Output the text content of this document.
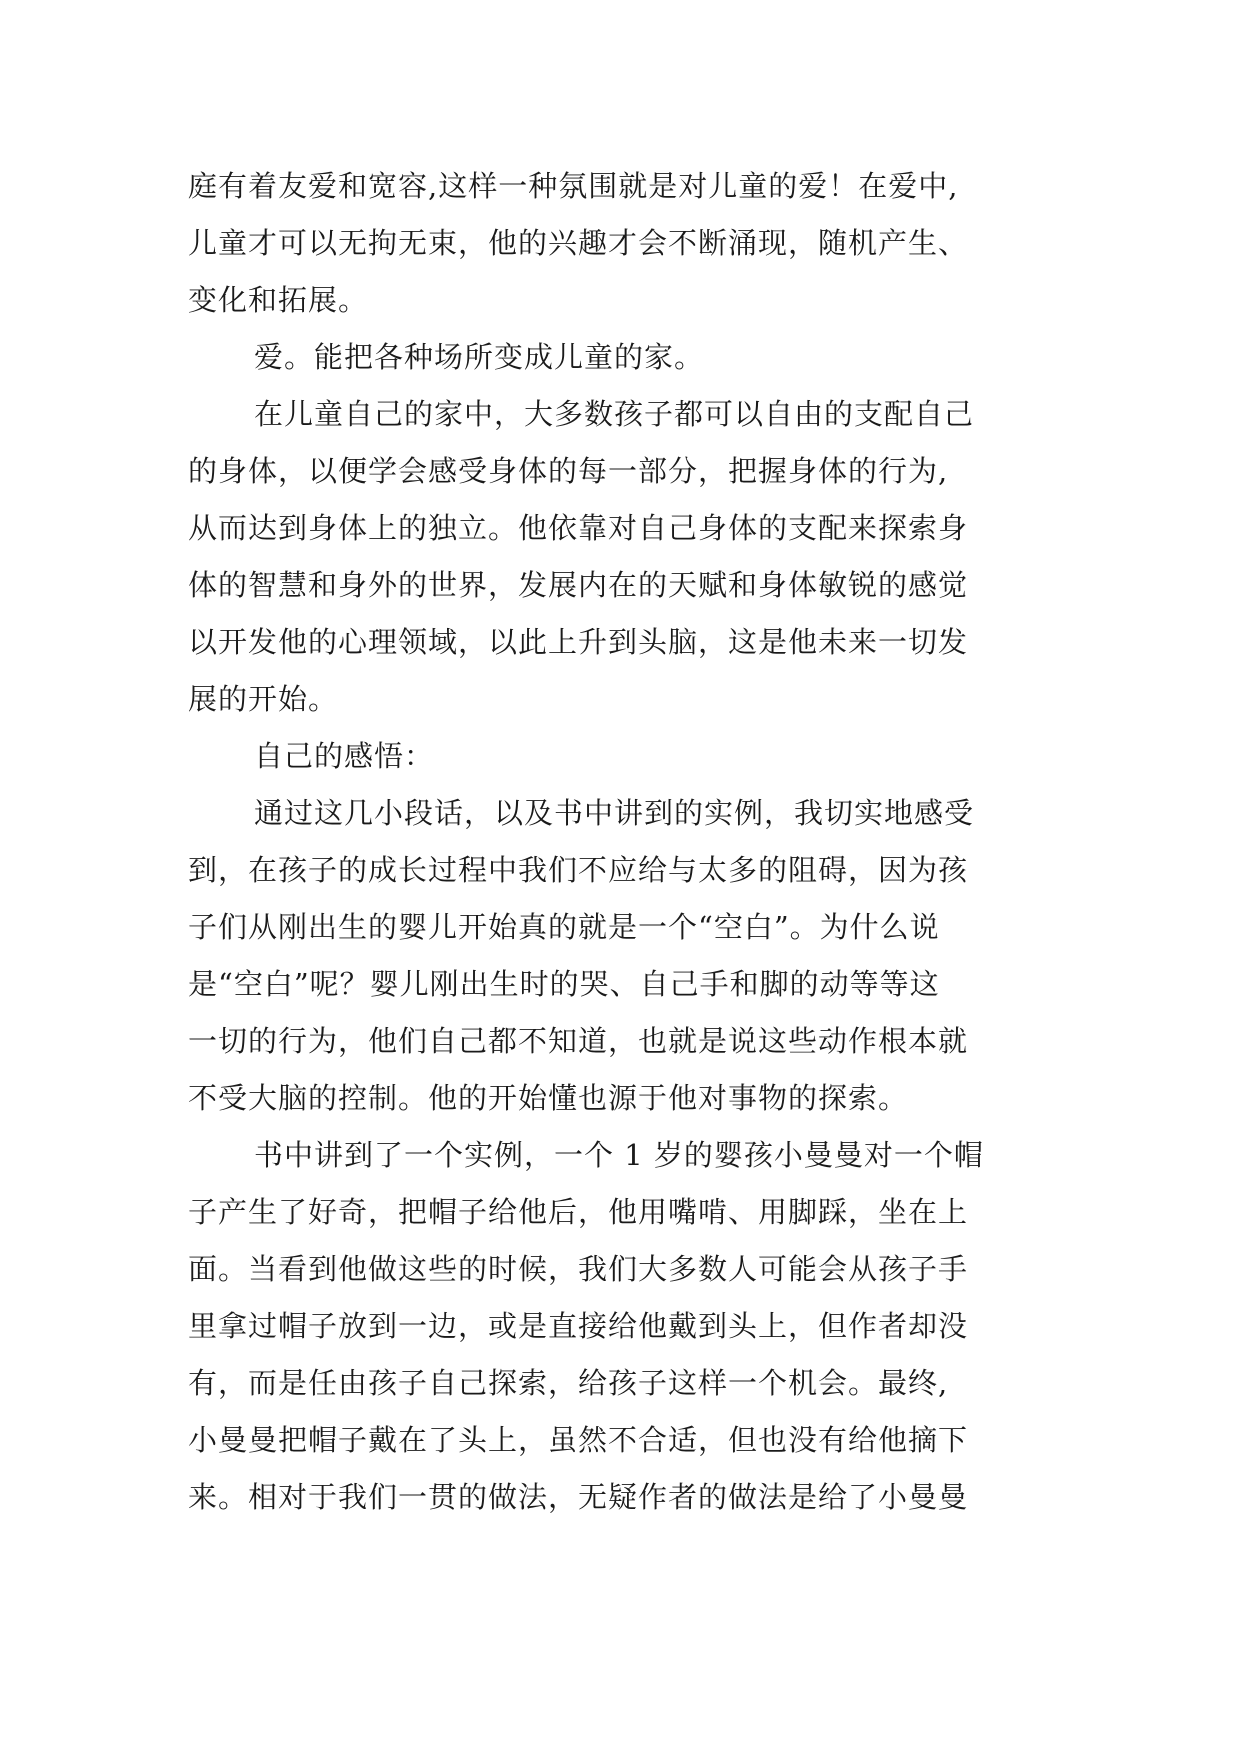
庭有着友爱和宽容,这样一种氛围就是对儿童的爱！在爱中,
儿童才可以无拘无束，他的兴趣才会不断涌现，随机产生、
变化和拓展。
爱。能把各种场所变成儿童的家。
在儿童自己的家中，大多数孩子都可以自由的支配自己
的身体，以便学会感受身体的每一部分，把握身体的行为,
从而达到身体上的独立。他依靠对自己身体的支配来探索身
体的智慧和身外的世界，发展内在的天赋和身体敏锐的感觉
以开发他的心理领域，以此上升到头脑，这是他未来一切发
展的开始。
自己的感悟：
通过这几小段话，以及书中讲到的实例，我切实地感受
到，在孩子的成长过程中我们不应给与太多的阻碍，因为孩
子们从刚出生的婴儿开始真的就是一个“空白”。为什么说
是“空白”呢？婴儿刚出生时的哭、自己手和脚的动等等这
一切的行为，他们自己都不知道，也就是说这些动作根本就
不受大脑的控制。他的开始懂也源于他对事物的探索。
书中讲到了一个实例，一个 1 岁的婴孩小曼曼对一个帽
子产生了好奇，把帽子给他后，他用嘴啃、用脚踩，坐在上
面。当看到他做这些的时候，我们大多数人可能会从孩子手
里拿过帽子放到一边，或是直接给他戴到头上，但作者却没
有，而是任由孩子自己探索，给孩子这样一个机会。最终,
小曼曼把帽子戴在了头上，虽然不合适，但也没有给他摘下
来。相对于我们一贯的做法，无疑作者的做法是给了小曼曼
